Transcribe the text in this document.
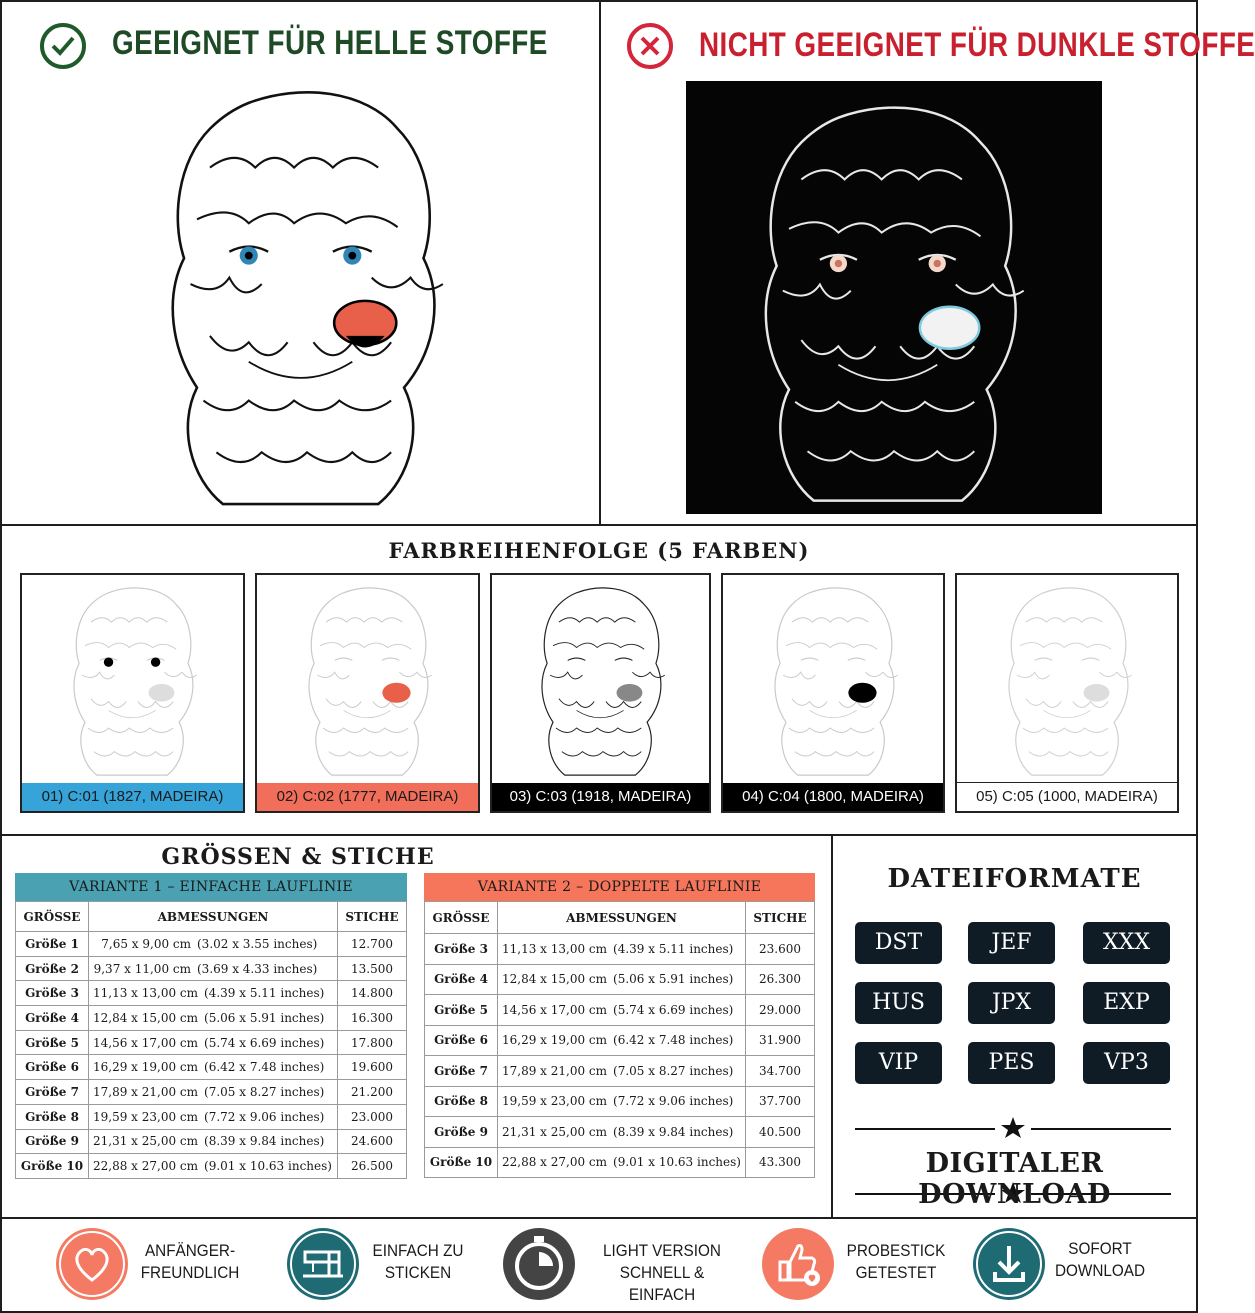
GEEIGNET FÜR HELLE STOFFE	NICHT GEEIGNET FÜR DUNKLE STOFFE
FARBREIHENFOLGE (5 FARBEN)
01) C:01 (1827, MADEIRA)	02) C:02 (1777, MADEIRA)	03) C:03 (1918, MADEIRA)	04) C:04 (1800, MADEIRA)	05) C:05 (1000, MADEIRA)
GRÖSSEN & STICHE
VARIANTE 1 – EINFACHE LAUFLINIE
GRÖSSE	ABMESSUNGEN	STICHE
Größe 1	7,65 x 9,00 cm (3.02 x 3.55 inches)	12.700
Größe 2	9,37 x 11,00 cm (3.69 x 4.33 inches)	13.500
Größe 3	11,13 x 13,00 cm (4.39 x 5.11 inches)	14.800
Größe 4	12,84 x 15,00 cm (5.06 x 5.91 inches)	16.300
Größe 5	14,56 x 17,00 cm (5.74 x 6.69 inches)	17.800
Größe 6	16,29 x 19,00 cm (6.42 x 7.48 inches)	19.600
Größe 7	17,89 x 21,00 cm (7.05 x 8.27 inches)	21.200
Größe 8	19,59 x 23,00 cm (7.72 x 9.06 inches)	23.000
Größe 9	21,31 x 25,00 cm (8.39 x 9.84 inches)	24.600
Größe 10	22,88 x 27,00 cm (9.01 x 10.63 inches)	26.500
VARIANTE 2 – DOPPELTE LAUFLINIE
GRÖSSE	ABMESSUNGEN	STICHE
Größe 3	11,13 x 13,00 cm (4.39 x 5.11 inches)	23.600
Größe 4	12,84 x 15,00 cm (5.06 x 5.91 inches)	26.300
Größe 5	14,56 x 17,00 cm (5.74 x 6.69 inches)	29.000
Größe 6	16,29 x 19,00 cm (6.42 x 7.48 inches)	31.900
Größe 7	17,89 x 21,00 cm (7.05 x 8.27 inches)	34.700
Größe 8	19,59 x 23,00 cm (7.72 x 9.06 inches)	37.700
Größe 9	21,31 x 25,00 cm (8.39 x 9.84 inches)	40.500
Größe 10	22,88 x 27,00 cm (9.01 x 10.63 inches)	43.300
DATEIFORMATE
DST	JEF	XXX
HUS	JPX	EXP
VIP	PES	VP3
DIGITALER DOWNLOAD
ANFÄNGER-
FREUNDLICH
EINFACH ZU
STICKEN
LIGHT VERSION
SCHNELL & EINFACH
PROBESTICK
GETESTET
SOFORT
DOWNLOAD
